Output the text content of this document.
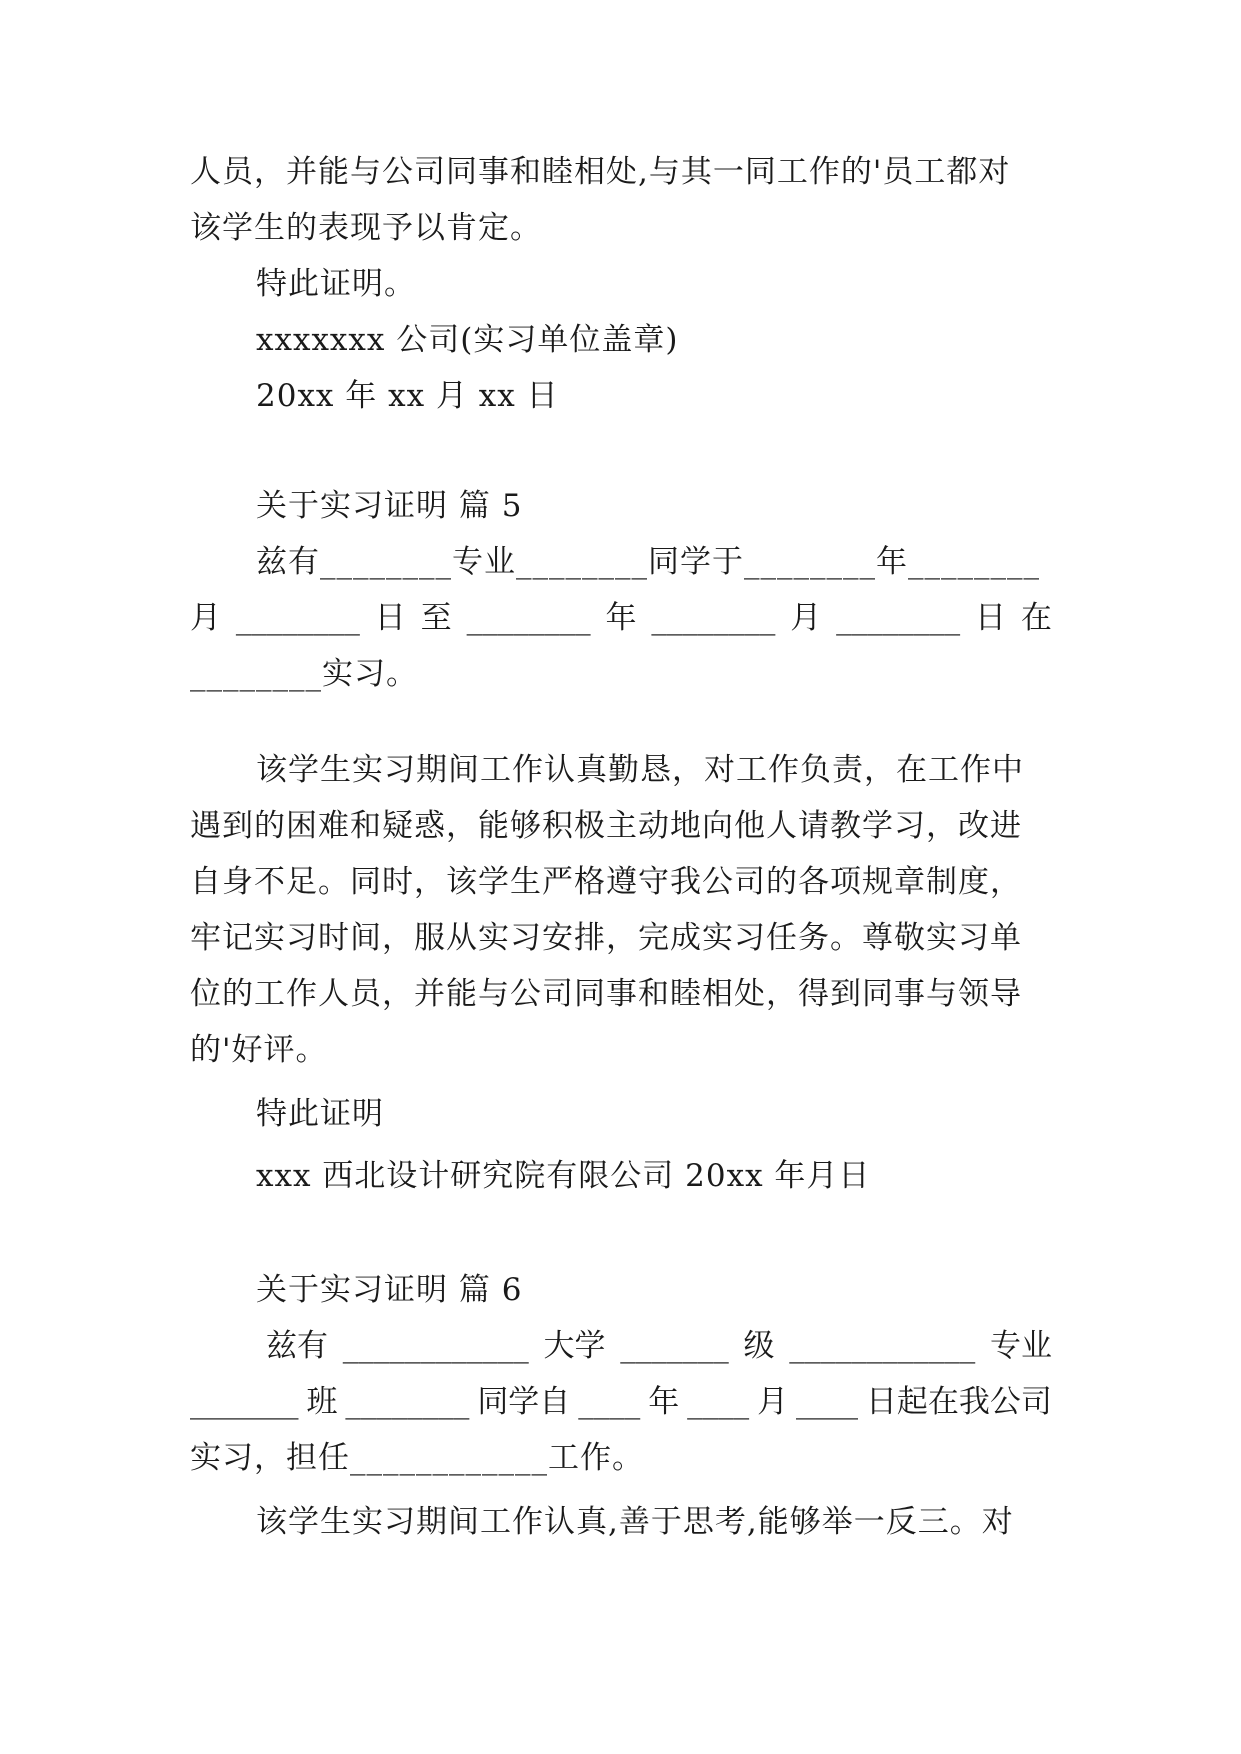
人员，并能与公司同事和睦相处,与其一同工作的'员工都对
该学生的表现予以肯定。
特此证明。
xxxxxxx 公司(实习单位盖章)
20xx 年 xx 月 xx 日
关于实习证明 篇 5
兹有________专业________同学于________年________
月 ________ 日 至 ________ 年 ________ 月 ________ 日 在
________实习。
该学生实习期间工作认真勤恳，对工作负责，在工作中
遇到的困难和疑惑，能够积极主动地向他人请教学习，改进
自身不足。同时，该学生严格遵守我公司的各项规章制度，
牢记实习时间，服从实习安排，完成实习任务。尊敬实习单
位的工作人员，并能与公司同事和睦相处，得到同事与领导
的'好评。
特此证明
xxx 西北设计研究院有限公司 20xx 年月日
关于实习证明 篇 6
兹有 ____________ 大学 _______ 级 ____________ 专业
_______ 班 ________ 同学自 ____ 年 ____ 月 ____ 日起在我公司
实习，担任____________工作。
该学生实习期间工作认真,善于思考,能够举一反三。对
